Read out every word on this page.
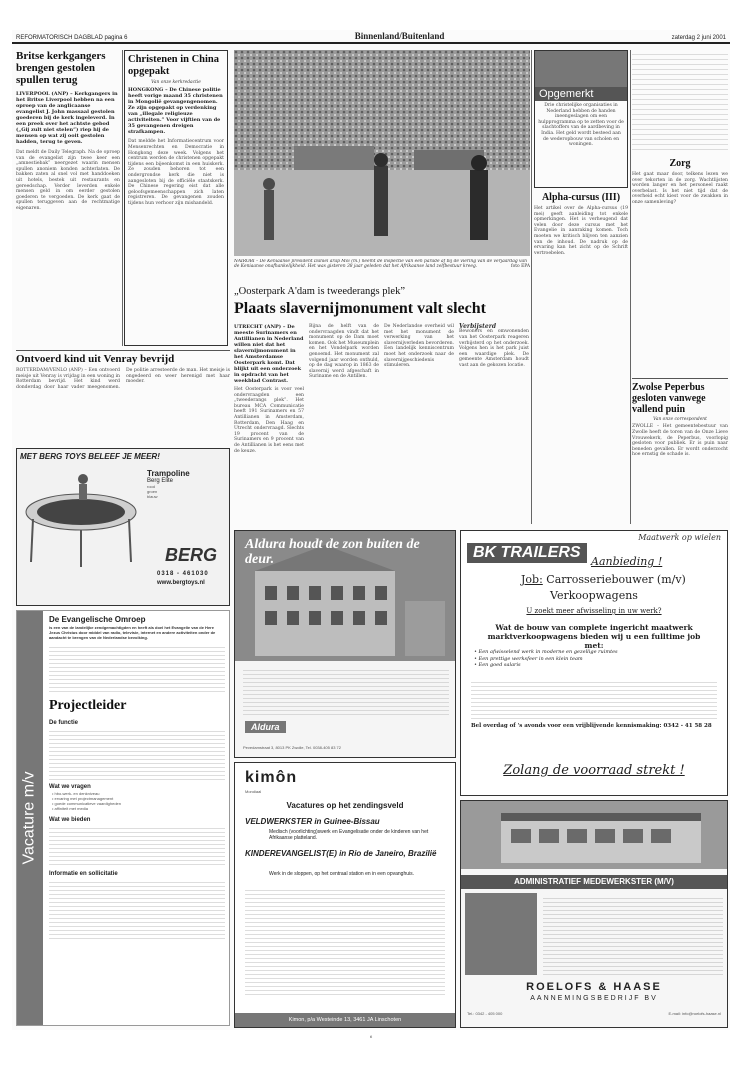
REFORMATORISCH DAGBLAD pagina 6	Binnenland/Buitenland	zaterdag 2 juni 2001
Britse kerkgangers brengen gestolen spullen terug
LIVERPOOL (ANP) – Kerkgangers in het Britse Liverpool hebben na een oproep van de anglicaanse evangelist J. John massaal gestolen goederen bij de kerk ingeleverd. In een preek over het achtste gebod („Gij zult niet stelen”) riep hij de mensen op wat zij ooit gestolen hadden, terug te geven.
Dat meldt de Daily Telegraph. Na de oproep van de evangelist zijn twee keer een „amnestiebak” neergezet waarin mensen spullen anoniem konden achterlaten. De bakken zaten al snel vol met handdoeken uit hotels, bestek uit restaurants en gereedschap. Verder leverden enkele mensen geld in om eerder gestolen goederen te vergoeden. De kerk gaat de spullen teruggeven aan de rechtmatige eigenaren.
Christenen in China opgepakt
Van onze kerkredactie
HONGKONG – De Chinese politie heeft vorige maand 35 christenen in Mongolië gevangengenomen. Ze zijn opgepakt op verdenking van „illegale religieuze activiteiten.” Voor vijftien van de 35 gevangenen dreigen strafkampen.
Dat meldde het Informatiecentrum voor Mensenrechten en Democratie in Hongkong deze week. Volgens het centrum werden de christenen opgepakt tijdens een bijeenkomst in een huiskerk. Ze zouden behoren tot een ondergrondse kerk die niet is aangesloten bij de officiële staatskerk. De Chinese regering eist dat alle geloofsgemeenschappen zich laten registreren. De gevangenen zouden tijdens hun verhoor zijn mishandeld.
NAIROBI – De Keniaanse president Daniel arap Moi (m.) neemt de inspectie van een parade af bij de viering van de verjaardag van de Keniaanse onafhankelijkheid. Het was gisteren 38 jaar geleden dat het Afrikaanse land zelfbestuur kreeg.	foto EPA
„Oosterpark A'dam is tweederangs plek”
Plaats slavernijmonument valt slecht
UTRECHT (ANP) – De meeste Surinamers en Antillianen in Nederland willen niet dat het slavernijmonument in het Amsterdamse Oosterpark komt. Dat blijkt uit een onderzoek in opdracht van het weekblad Contrast.
Het Oosterpark is voor veel ondervraagden een „tweederangs plek”. Het bureau MCA Communicatie heeft 191 Surinamers en 57 Antillianen in Amsterdam, Rotterdam, Den Haag en Utrecht ondervraagd. Slechts 19 procent van de Surinamers en 9 procent van de Antillianen is het eens met de keuze.
Bijna de helft van de ondervraagden vindt dat het monument op de Dam moet komen. Ook het Museumplein en het Vondelpark worden genoemd. Het monument zal volgend jaar worden onthuld, op de dag waarop in 1863 de slavernij werd afgeschaft in Suriname en de Antillen.
De Nederlandse overheid wil met het monument de verwerking van het slavernijverleden bevorderen. Een landelijk kenniscentrum moet het onderzoek naar de slavernijgeschiedenis stimuleren.
Verbijsterd
Bewoners en omwonenden van het Oosterpark reageren verbijsterd op het onderzoek. Volgens hen is het park juist een waardige plek. De gemeente Amsterdam houdt vast aan de gekozen locatie.
Ontvoerd kind uit Venray bevrijd
ROTTERDAM/VENLO (ANP) – Een ontvoerd meisje uit Venray is vrijdag in een woning in Rotterdam bevrijd. Het kind werd donderdag door haar vader meegenomen. De politie arresteerde de man. Het meisje is ongedeerd en weer herenigd met haar moeder.
MET BERG TOYS BELEEF JE MEER!
Trampoline
Berg Elite
rood
groen
blauw
BERG
0318 - 461030
www.bergtoys.nl
Vacature m/v
De Evangelische Omroep
is een van de landelijke zendgemachtigden en heeft als doel het Evangelie van de Here Jezus Christus door middel van radio, televisie, internet en andere activiteiten onder de aandacht te brengen van de Nederlandse bevolking.
Projectleider
De functie
Wat we vragen
• hbo-werk- en denkniveau
• ervaring met projectmanagement
• goede communicatieve vaardigheden
• affiniteit met media
Wat we bieden
Informatie en sollicitatie
Aldura houdt de zon buiten de deur.
Aldura
Pevedamstraat 3, 8013 PK Zwolle, Tel. 0038-405 83 72
kimôn
Mondiaal
Vacatures op het zendingsveld
VELDWERKSTER in Guinee-Bissau
Medisch (voorlichting)swerk en Evangelisatie onder de kinderen van het Afrikaanse platteland.
KINDEREVANGELIST(E) in Rio de Janeiro, Brazilië
Werk in de sloppen, op het centraal station en in een opvanghuis.
Kimon, p/a Westeinde 13, 3461 JA Linschoten
Opgemerkt
Drie christelijke organisaties in Nederland hebben de handen ineengeslagen om een hulpprogramma op te zetten voor de slachtoffers van de aardbeving in India. Het geld wordt besteed aan de wederopbouw van scholen en woningen.
Alpha-cursus (III)
Het artikel over de Alpha-cursus (19 mei) geeft aanleiding tot enkele opmerkingen. Het is verheugend dat velen door deze cursus met het Evangelie in aanraking komen. Toch moeten we kritisch blijven ten aanzien van de inhoud. De nadruk op de ervaring kan het zicht op de Schrift vertroebelen.
Zorg
Het gaat maar door, telkens lezen we over tekorten in de zorg. Wachtlijsten worden langer en het personeel raakt overbelast. Is het niet tijd dat de overheid echt kiest voor de zwakken in onze samenleving?
Zwolse Peperbus gesloten vanwege vallend puin
Van onze correspondent
ZWOLLE – Het gemeentebestuur van Zwolle heeft de toren van de Onze Lieve Vrouwekerk, de Peperbus, voorlopig gesloten voor publiek. Er is puin naar beneden gevallen. Er wordt onderzocht hoe ernstig de schade is.
Maatwerk op wielen
BK TRAILERS
Aanbieding !
Job: Carrosseriebouwer (m/v)
Verkoopwagens
U zoekt meer afwisseling in uw werk?
Wat de bouw van complete ingericht maatwerk marktverkoopwagens bieden wij u een fulltime job met:
• Een afwisselend werk in moderne en gezellige ruimtes
• Een prettige werksfeer in een klein team
• Een goed salaris
Bel overdag of 's avonds voor een vrijblijvende kennismaking: 0342 - 41 58 28
Zolang de voorraad strekt !
ADMINISTRATIEF MEDEWERKSTER (M/V)
ROELOFS & HAASE
AANNEMINGSBEDRIJF BV
Tel.: 0342 - 405 000	E-mail: info@roelofs-haase.nl
6
